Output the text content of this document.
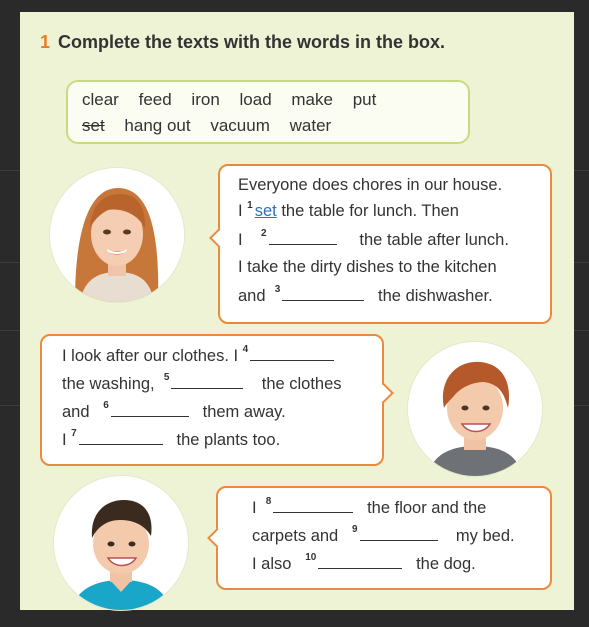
1 Complete the texts with the words in the box.
clear feed iron load make put
set hang out vacuum water
Everyone does chores in our house.
I $^1$ set the table for lunch. Then
I    $^2$	the table after lunch.
I take the dirty dishes to the kitchen
and  $^3$	the dishwasher.
I look after our clothes. I $^4$
the washing,  $^5$	the clothes
and   $^6$	them away.
I $^7$	the plants too.
I  $^8$	the floor and the
carpets and   $^9$	my bed.
I also   $^{10}$	the dog.
